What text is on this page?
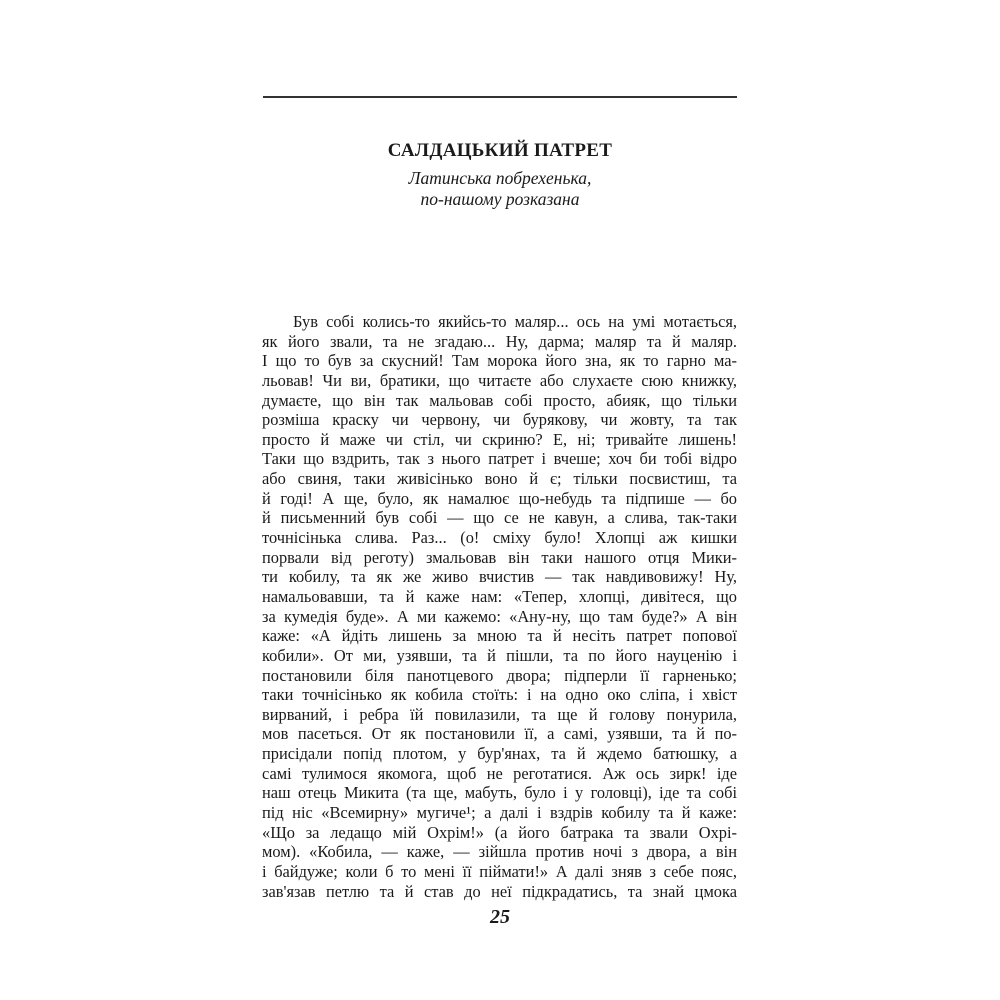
САЛДАЦЬКИЙ ПАТРЕТ
Латинська побрехенька,
по-нашому розказана
Був собі колись-то якийсь-то маляр... ось на умі мотається,
як його звали, та не згадаю... Ну, дарма; маляр та й маляр.
І що то був за скусний! Там морока його зна, як то гарно ма-
льовав! Чи ви, братики, що читаєте або слухаєте сюю книжку,
думаєте, що він так мальовав собі просто, абияк, що тільки
розміша краску чи червону, чи бурякову, чи жовту, та так
просто й маже чи стіл, чи скриню? Е, ні; тривайте лишень!
Таки що вздрить, так з нього патрет і вчеше; хоч би тобі відро
або свиня, таки живісінько воно й є; тільки посвистиш, та
й годі! А ще, було, як намалює що-небудь та підпише — бо
й письменний був собі — що се не кавун, а слива, так-таки
точнісінька слива. Раз... (о! сміху було! Хлопці аж кишки
порвали від реготу) змальовав він таки нашого отця Мики-
ти кобилу, та як же живо вчистив — так навдивовижу! Ну,
намальовавши, та й каже нам: «Тепер, хлопці, дивітеся, що
за кумедія буде». А ми кажемо: «Ану-ну, що там буде?» А він
каже: «А йдіть лишень за мною та й несіть патрет попової
кобили». От ми, узявши, та й пішли, та по його науценію і
постановили біля панотцевого двора; підперли її гарненько;
таки точнісінько як кобила стоїть: і на одно око сліпа, і хвіст
вирваний, і ребра їй повилазили, та ще й голову понурила,
мов пасеться. От як постановили її, а самі, узявши, та й по-
присідали попід плотом, у бур'янах, та й ждемо батюшку, а
самі тулимося якомога, щоб не реготатися. Аж ось зирк! іде
наш отець Микита (та ще, мабуть, було і у головці), іде та собі
під ніс «Всемирну» мугиче¹; а далі і вздрів кобилу та й каже:
«Що за ледащо мій Охрім!» (а його батрака та звали Охрі-
мом). «Кобила, — каже, — зійшла против ночі з двора, а він
і байдуже; коли б то мені її піймати!» А далі зняв з себе пояс,
зав'язав петлю та й став до неї підкрадатись, та знай цмока
25
